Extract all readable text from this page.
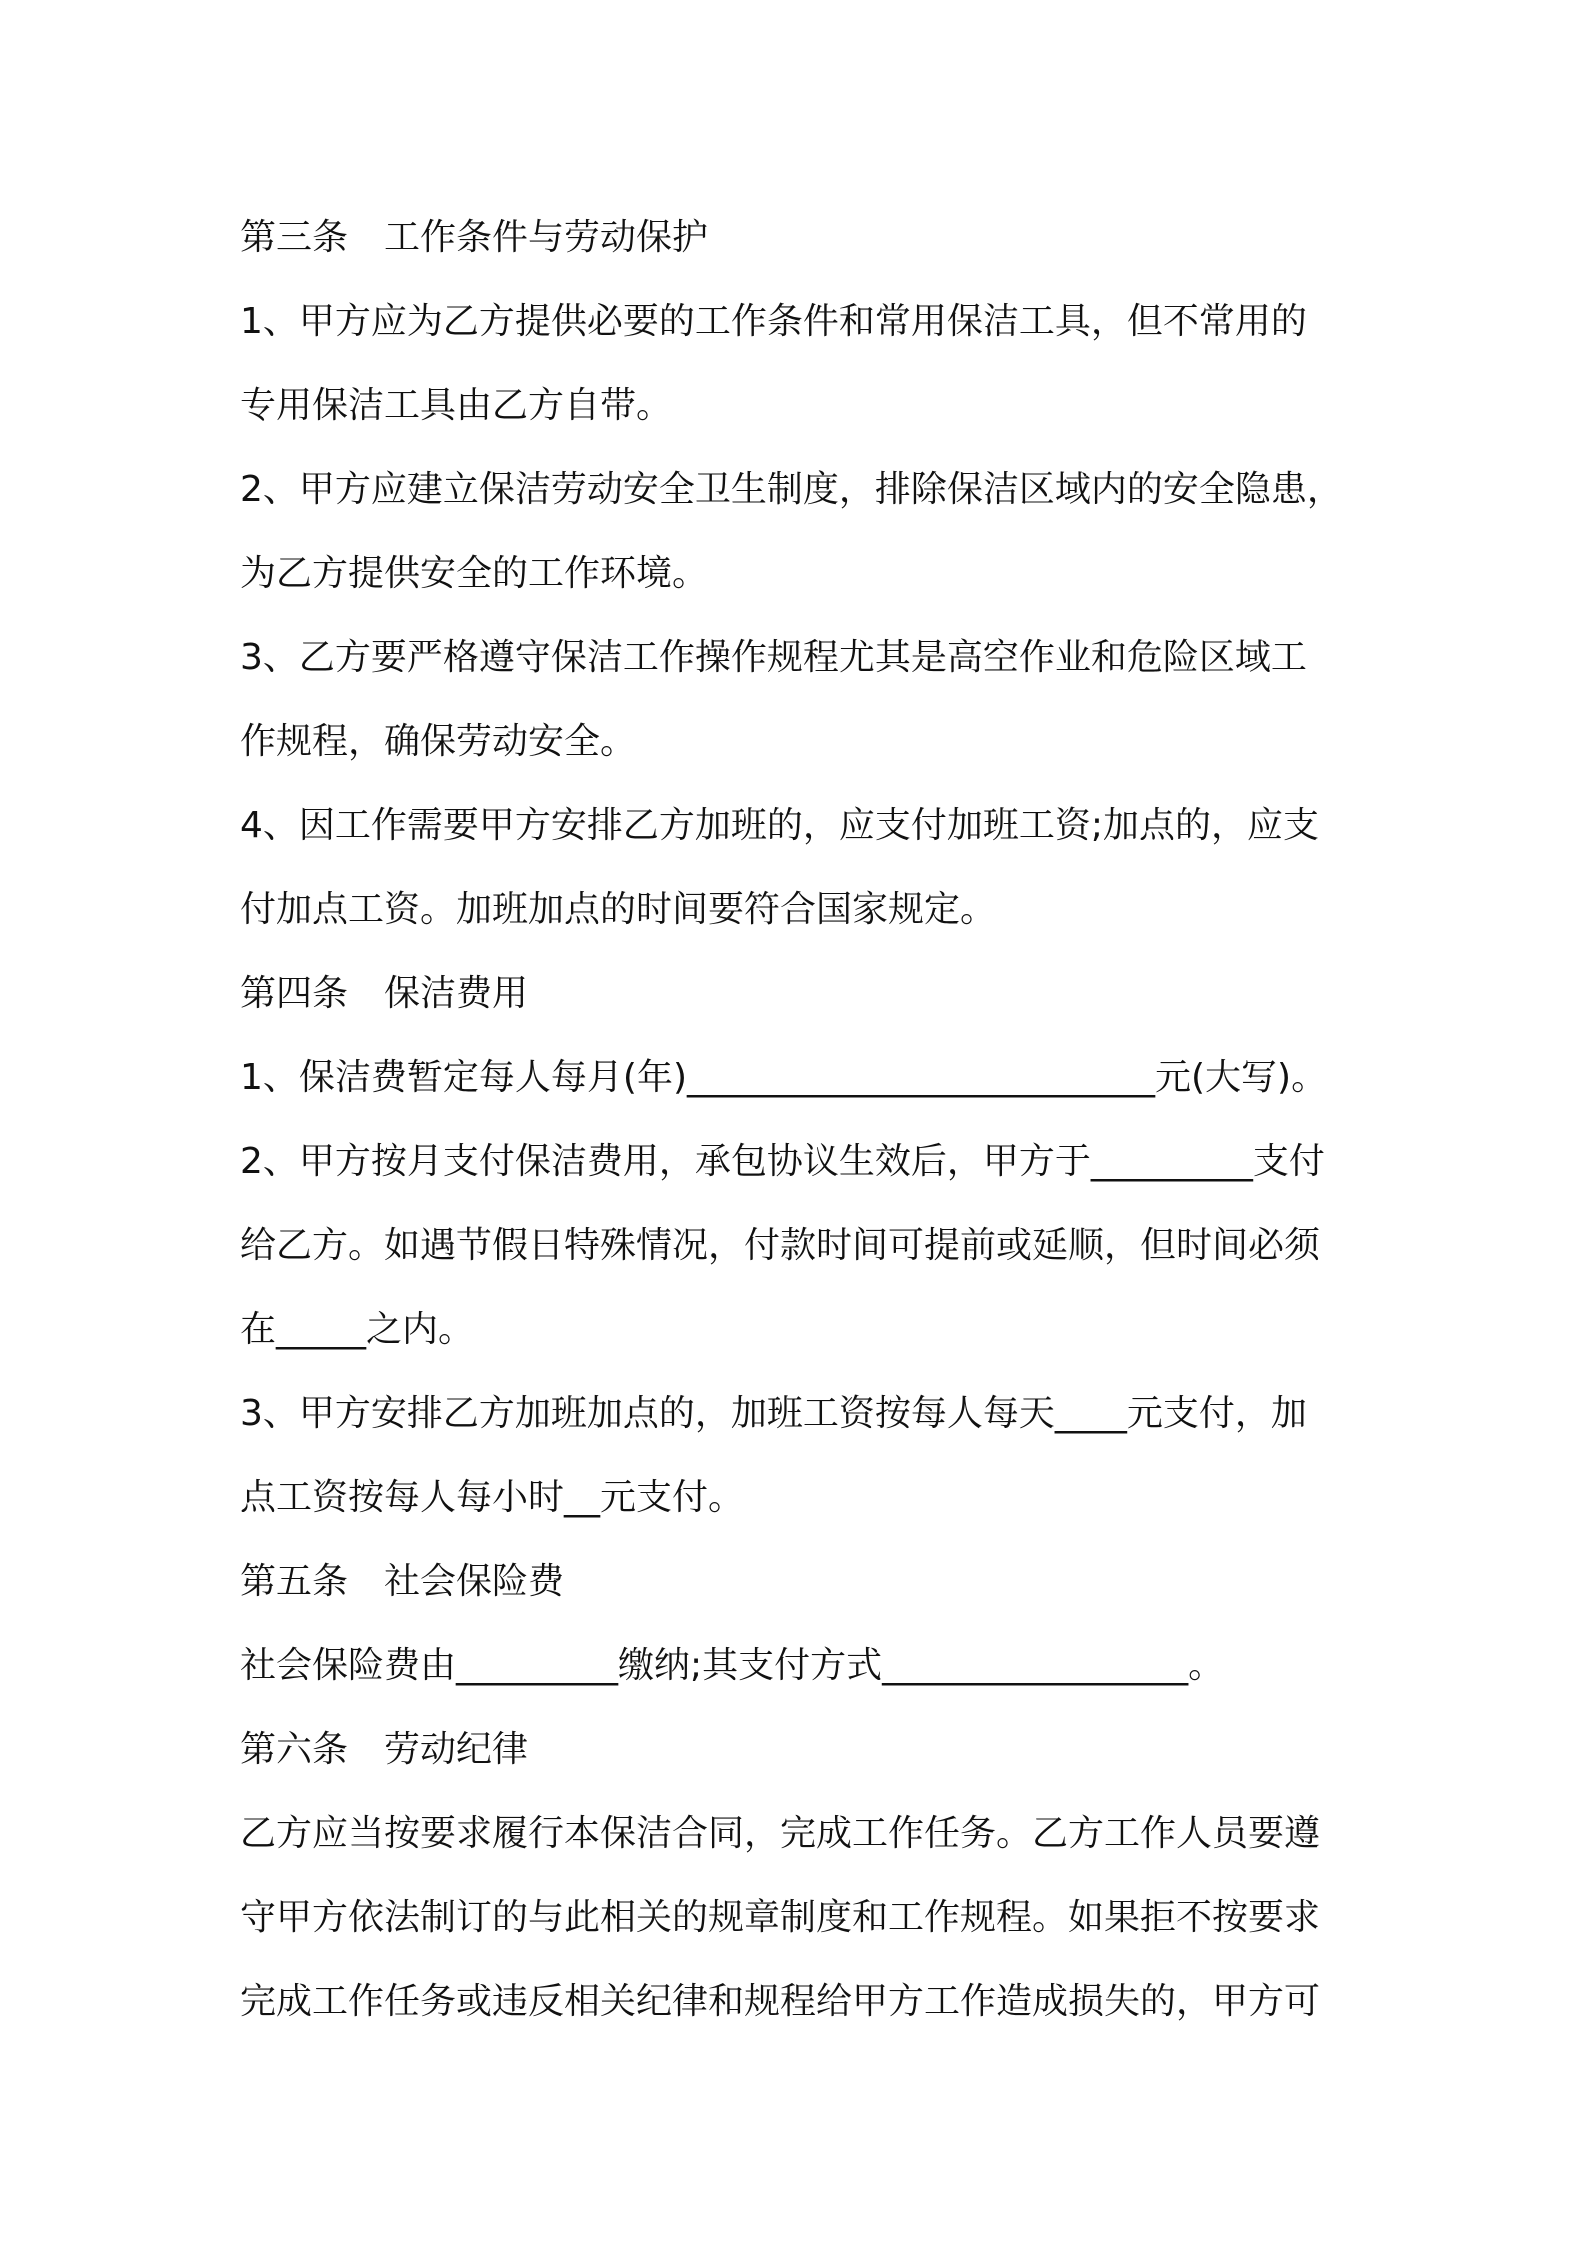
第三条　工作条件与劳动保护
1、甲方应为乙方提供必要的工作条件和常用保洁工具，但不常用的
专用保洁工具由乙方自带。
2、甲方应建立保洁劳动安全卫生制度，排除保洁区域内的安全隐患，
为乙方提供安全的工作环境。
3、乙方要严格遵守保洁工作操作规程尤其是高空作业和危险区域工
作规程，确保劳动安全。
4、因工作需要甲方安排乙方加班的，应支付加班工资;加点的，应支
付加点工资。加班加点的时间要符合国家规定。
第四条　保洁费用
1、保洁费暂定每人每月(年)__________________________元(大写)。
2、甲方按月支付保洁费用，承包协议生效后，甲方于_________支付
给乙方。如遇节假日特殊情况，付款时间可提前或延顺，但时间必须
在_____之内。
3、甲方安排乙方加班加点的，加班工资按每人每天____元支付，加
点工资按每人每小时__元支付。
第五条　社会保险费
社会保险费由_________缴纳;其支付方式_________________。
第六条　劳动纪律
乙方应当按要求履行本保洁合同，完成工作任务。乙方工作人员要遵
守甲方依法制订的与此相关的规章制度和工作规程。如果拒不按要求
完成工作任务或违反相关纪律和规程给甲方工作造成损失的，甲方可
